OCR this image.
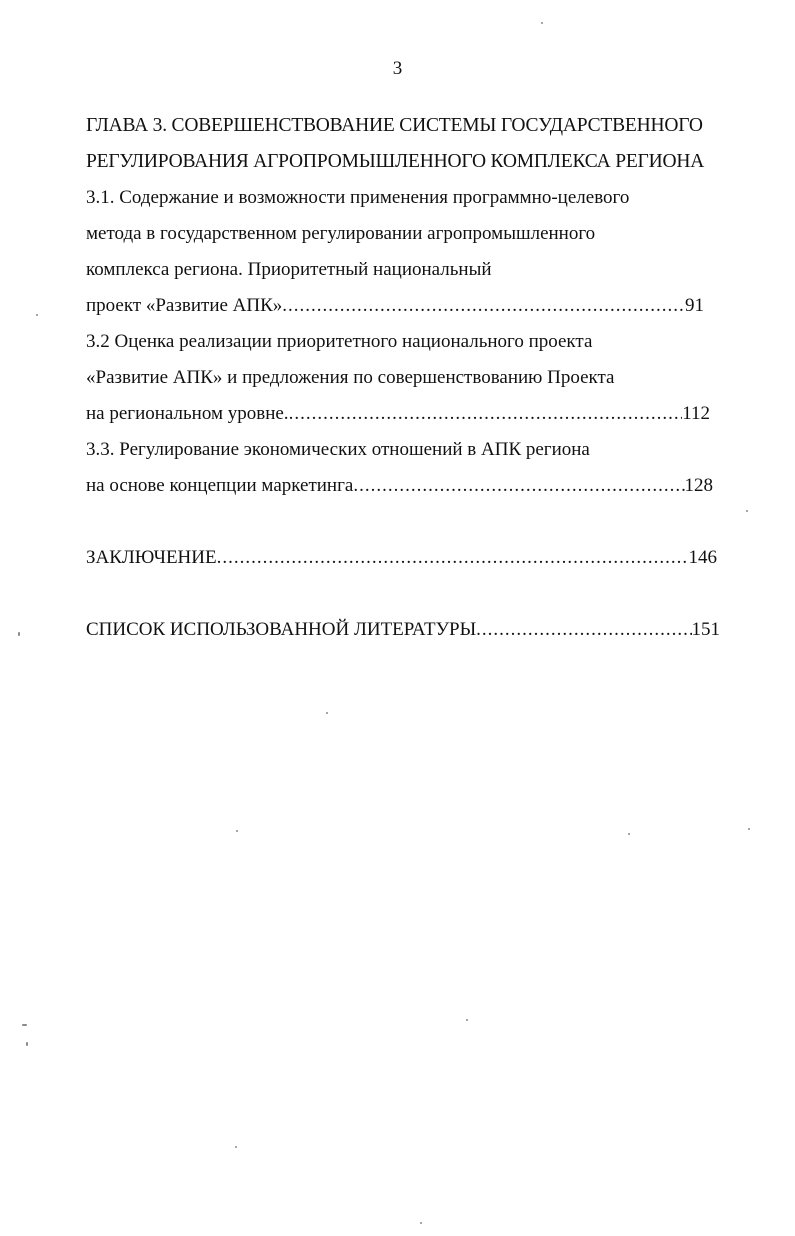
3
ГЛАВА 3. СОВЕРШЕНСТВОВАНИЕ СИСТЕМЫ ГОСУДАРСТВЕННОГО
РЕГУЛИРОВАНИЯ АГРОПРОМЫШЛЕННОГО КОМПЛЕКСА РЕГИОНА
3.1. Содержание и возможности применения программно-целевого
метода в государственном регулировании агропромышленного
комплекса региона. Приоритетный национальный
проект «Развитие АПК» .....	91
3.2 Оценка реализации приоритетного национального проекта
«Развитие АПК» и предложения по совершенствованию Проекта
на региональном уровне. .....	112
3.3. Регулирование экономических отношений в АПК региона
на основе концепции маркетинга .....	128
ЗАКЛЮЧЕНИЕ .....	146
СПИСОК ИСПОЛЬЗОВАННОЙ ЛИТЕРАТУРЫ .....	151
